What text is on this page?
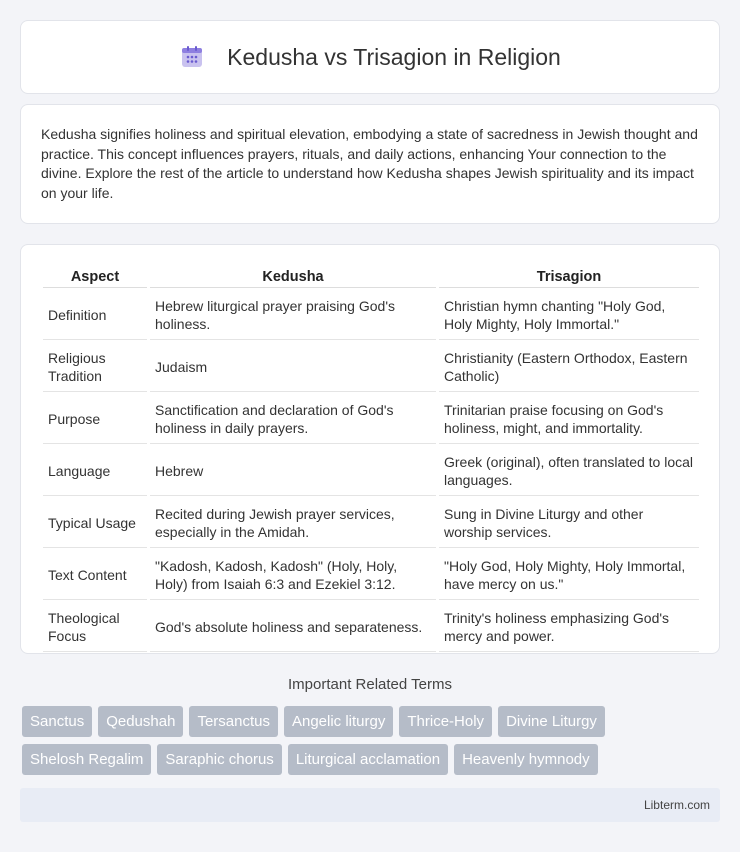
Kedusha vs Trisagion in Religion

Kedusha signifies holiness and spiritual elevation, embodying a state of sacredness in Jewish thought and practice. This concept influences prayers, rituals, and daily actions, enhancing Your connection to the divine. Explore the rest of the article to understand how Kedusha shapes Jewish spirituality and its impact on your life.

Aspect	Kedusha	Trisagion
Definition	Hebrew liturgical prayer praising God's holiness.	Christian hymn chanting "Holy God, Holy Mighty, Holy Immortal."
Religious Tradition	Judaism	Christianity (Eastern Orthodox, Eastern Catholic)
Purpose	Sanctification and declaration of God's holiness in daily prayers.	Trinitarian praise focusing on God's holiness, might, and immortality.
Language	Hebrew	Greek (original), often translated to local languages.
Typical Usage	Recited during Jewish prayer services, especially in the Amidah.	Sung in Divine Liturgy and other worship services.
Text Content	"Kadosh, Kadosh, Kadosh" (Holy, Holy, Holy) from Isaiah 6:3 and Ezekiel 3:12.	"Holy God, Holy Mighty, Holy Immortal, have mercy on us."
Theological Focus	God's absolute holiness and separateness.	Trinity's holiness emphasizing God's mercy and power.
Important Related Terms
Sanctus	Qedushah	Tersanctus	Angelic liturgy	Thrice-Holy	Divine Liturgy
Shelosh Regalim	Saraphic chorus	Liturgical acclamation	Heavenly hymnody
Libterm.com
